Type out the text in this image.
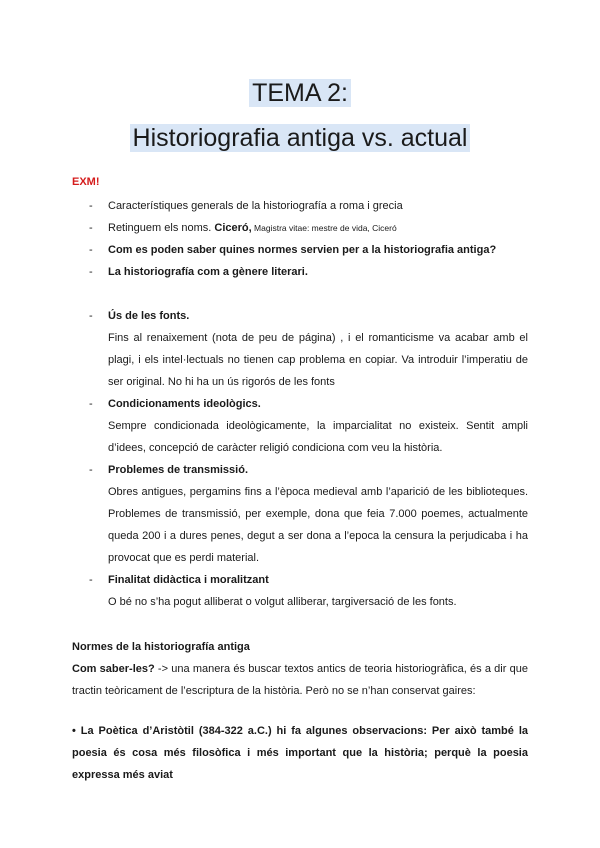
TEMA 2:
Historiografia antiga vs. actual
EXM!
- Característiques generals de la historiografía a roma i grecia
- Retinguem els noms. Ciceró, Magistra vitae: mestre de vida, Ciceró
- Com es poden saber quines normes servien per a la historiografia antiga?
- La historiografía com a gènere literari.
- Ús de les fonts.
Fins al renaixement (nota de peu de página) , i el romanticisme va acabar amb el plagi, i els intel·lectuals no tienen cap problema en copiar. Va introduir l’imperatiu de ser original. No hi ha un ús rigorós de les fonts
- Condicionaments ideològics.
Sempre condicionada ideològicamente, la imparcialitat no existeix. Sentit ampli d’idees, concepció de caràcter religió condiciona com veu la història.
- Problemes de transmissió.
Obres antigues, pergamins fins a l’època medieval amb l’aparició de les biblioteques. Problemes de transmissió, per exemple, dona que feia 7.000 poemes, actualmente queda 200 i a dures penes, degut a ser dona a l’epoca la censura la perjudicaba i ha provocat que es perdi material.
- Finalitat didàctica i moralitzant
O bé no s’ha pogut alliberat o volgut alliberar, targiversació de les fonts.

Normes de la historiografía antiga

Com saber-les? -> una manera és buscar textos antics de teoria historiogràfica, és a dir que tractin teòricament de l’escriptura de la història. Però no se n’han conservat gaires:

• La Poètica d’Aristòtil (384-322 a.C.) hi fa algunes observacions: Per això també la poesia és cosa més filosòfica i més important que la història; perquè la poesia expressa més aviat
